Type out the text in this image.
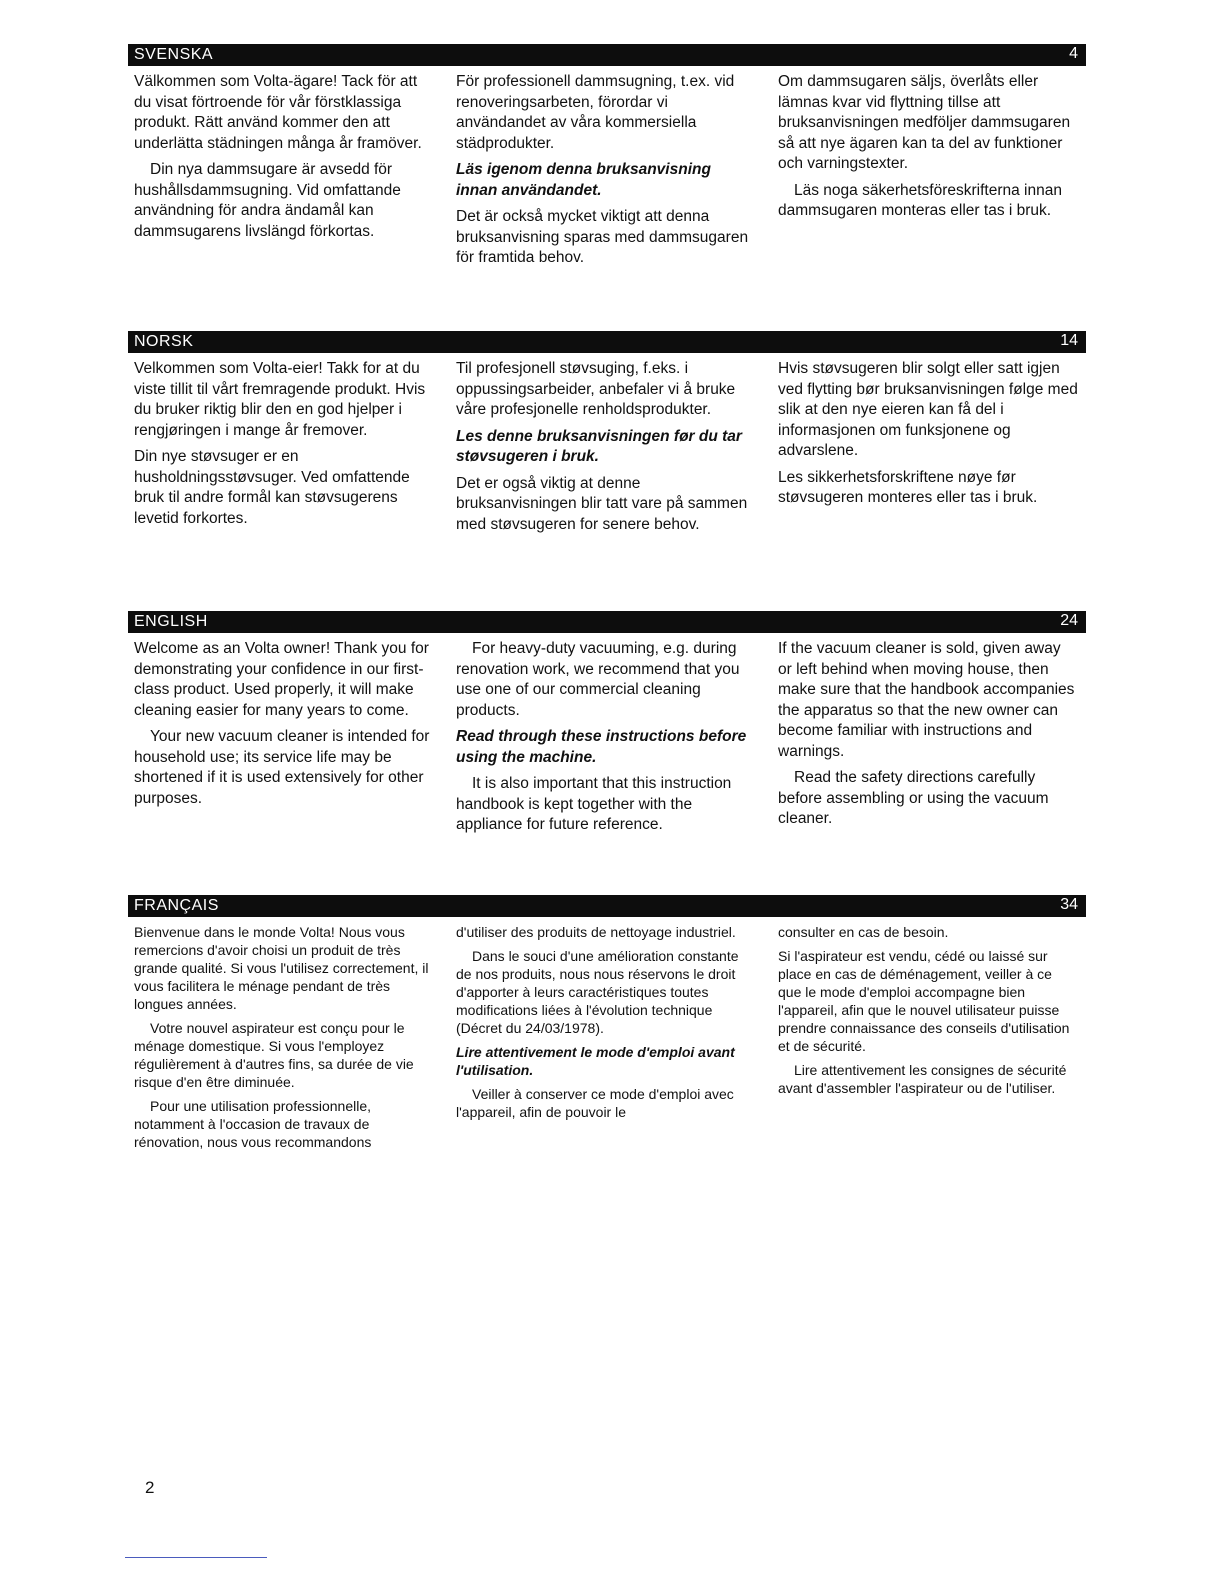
SVENSKA	4

Välkommen som Volta-ägare! Tack för att du visat förtroende för vår förstklassiga produkt. Rätt använd kommer den att underlätta städningen många år framöver.

Din nya dammsugare är avsedd för hushållsdammsugning. Vid omfattande användning för andra ändamål kan dammsugarens livslängd förkortas.

För professionell dammsugning, t.ex. vid renoveringsarbeten, förordar vi användandet av våra kommersiella städprodukter.

Läs igenom denna bruksanvisning innan användandet.

Det är också mycket viktigt att denna bruksanvisning sparas med dammsugaren för framtida behov.

Om dammsugaren säljs, överlåts eller lämnas kvar vid flyttning tillse att bruksanvisningen medföljer dammsugaren så att nye ägaren kan ta del av funktioner och varningstexter.

Läs noga säkerhetsföreskrifterna innan dammsugaren monteras eller tas i bruk.

NORSK	14

Velkommen som Volta-eier! Takk for at du viste tillit til vårt fremragende produkt. Hvis du bruker riktig blir den en god hjelper i rengjøringen i mange år fremover.

Din nye støvsuger er en husholdningsstøvsuger. Ved omfattende bruk til andre formål kan støvsugerens levetid forkortes.

Til profesjonell støvsuging, f.eks. i oppussingsarbeider, anbefaler vi å bruke våre profesjonelle renholdsprodukter.

Les denne bruksanvisningen før du tar støvsugeren i bruk.

Det er også viktig at denne bruksanvisningen blir tatt vare på sammen med støvsugeren for senere behov.

Hvis støvsugeren blir solgt eller satt igjen ved flytting bør bruksanvisningen følge med slik at den nye eieren kan få del i informasjonen om funksjonene og advarslene.

Les sikkerhetsforskriftene nøye før støvsugeren monteres eller tas i bruk.

ENGLISH	24

Welcome as an Volta owner! Thank you for demonstrating your confidence in our first-class product. Used properly, it will make cleaning easier for many years to come.

Your new vacuum cleaner is intended for household use; its service life may be shortened if it is used extensively for other purposes.

For heavy-duty vacuuming, e.g. during renovation work, we recommend that you use one of our commercial cleaning products.

Read through these instructions before using the machine.

It is also important that this instruction handbook is kept together with the appliance for future reference.

If the vacuum cleaner is sold, given away or left behind when moving house, then make sure that the handbook accompanies the apparatus so that the new owner can become familiar with instructions and warnings.

Read the safety directions carefully before assembling or using the vacuum cleaner.

FRANÇAIS	34

Bienvenue dans le monde Volta! Nous vous remercions d'avoir choisi un produit de très grande qualité. Si vous l'utilisez correctement, il vous facilitera le ménage pendant de très longues années.

Votre nouvel aspirateur est conçu pour le ménage domestique. Si vous l'employez régulièrement à d'autres fins, sa durée de vie risque d'en être diminuée.

Pour une utilisation professionnelle, notamment à l'occasion de travaux de rénovation, nous vous recommandons

d'utiliser des produits de nettoyage industriel.

Dans le souci d'une amélioration constante de nos produits, nous nous réservons le droit d'apporter à leurs caractéristiques toutes modifications liées à l'évolution technique (Décret du 24/03/1978).

Lire attentivement le mode d'emploi avant l'utilisation.

Veiller à conserver ce mode d'emploi avec l'appareil, afin de pouvoir le

consulter en cas de besoin.

Si l'aspirateur est vendu, cédé ou laissé sur place en cas de déménagement, veiller à ce que le mode d'emploi accompagne bien l'appareil, afin que le nouvel utilisateur puisse prendre connaissance des conseils d'utilisation et de sécurité.

Lire attentivement les consignes de sécurité avant d'assembler l'aspirateur ou de l'utiliser.

2
